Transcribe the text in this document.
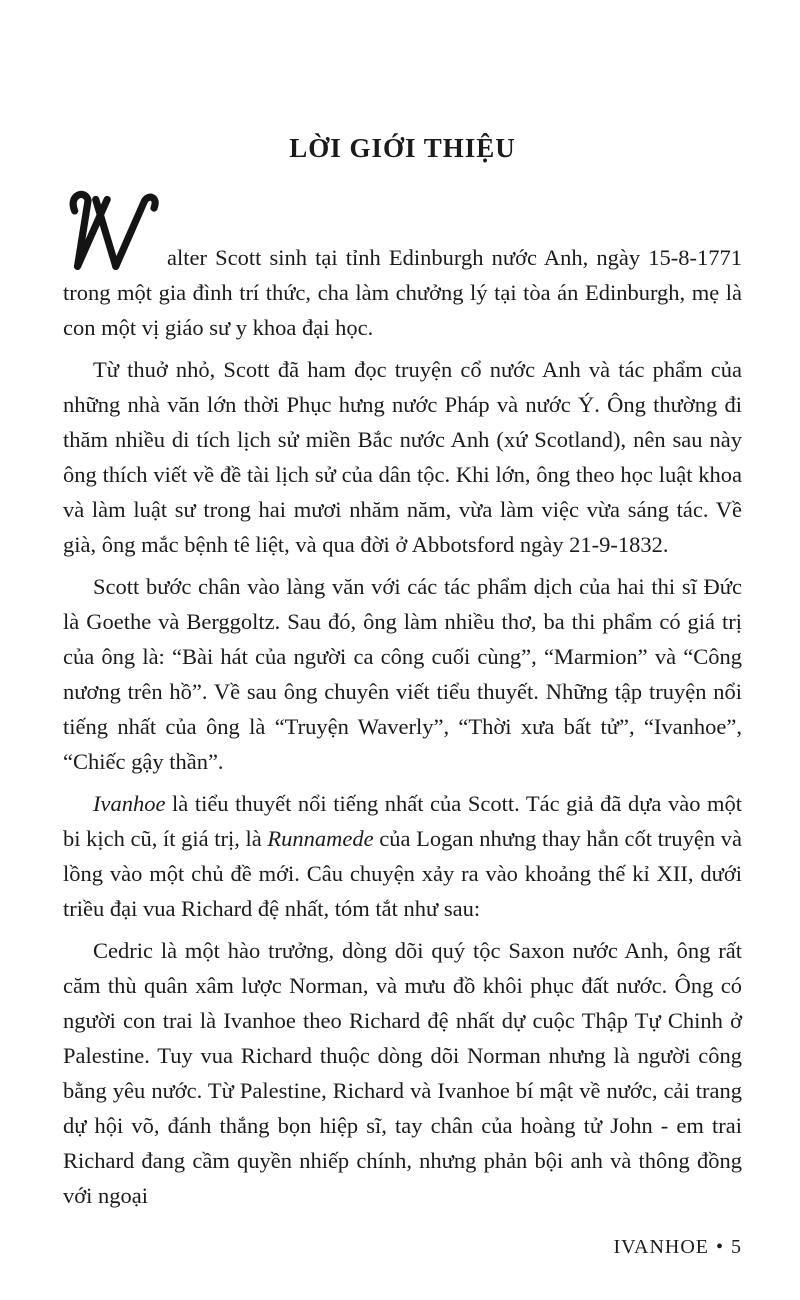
LỜI GIỚI THIỆU

alter Scott sinh tại tỉnh Edinburgh nước Anh, ngày 15-8-1771 trong một gia đình trí thức, cha làm chưởng lý tại tòa án Edinburgh, mẹ là con một vị giáo sư y khoa đại học.

Từ thuở nhỏ, Scott đã ham đọc truyện cổ nước Anh và tác phẩm của những nhà văn lớn thời Phục hưng nước Pháp và nước Ý. Ông thường đi thăm nhiều di tích lịch sử miền Bắc nước Anh (xứ Scotland), nên sau này ông thích viết về đề tài lịch sử của dân tộc. Khi lớn, ông theo học luật khoa và làm luật sư trong hai mươi nhăm năm, vừa làm việc vừa sáng tác. Về già, ông mắc bệnh tê liệt, và qua đời ở Abbotsford ngày 21-9-1832.

Scott bước chân vào làng văn với các tác phẩm dịch của hai thi sĩ Đức là Goethe và Berggoltz. Sau đó, ông làm nhiều thơ, ba thi phẩm có giá trị của ông là: “Bài hát của người ca công cuối cùng”, “Marmion” và “Công nương trên hồ”. Về sau ông chuyên viết tiểu thuyết. Những tập truyện nổi tiếng nhất của ông là “Truyện Waverly”, “Thời xưa bất tử”, “Ivanhoe”, “Chiếc gậy thần”.

Ivanhoe là tiểu thuyết nổi tiếng nhất của Scott. Tác giả đã dựa vào một bi kịch cũ, ít giá trị, là Runnamede của Logan nhưng thay hẳn cốt truyện và lồng vào một chủ đề mới. Câu chuyện xảy ra vào khoảng thế kỉ XII, dưới triều đại vua Richard đệ nhất, tóm tắt như sau:

Cedric là một hào trưởng, dòng dõi quý tộc Saxon nước Anh, ông rất căm thù quân xâm lược Norman, và mưu đồ khôi phục đất nước. Ông có người con trai là Ivanhoe theo Richard đệ nhất dự cuộc Thập Tự Chinh ở Palestine. Tuy vua Richard thuộc dòng dõi Norman nhưng là người công bằng yêu nước. Từ Palestine, Richard và Ivanhoe bí mật về nước, cải trang dự hội võ, đánh thắng bọn hiệp sĩ, tay chân của hoàng tử John - em trai Richard đang cầm quyền nhiếp chính, nhưng phản bội anh và thông đồng với ngoại

IVANHOE • 5
